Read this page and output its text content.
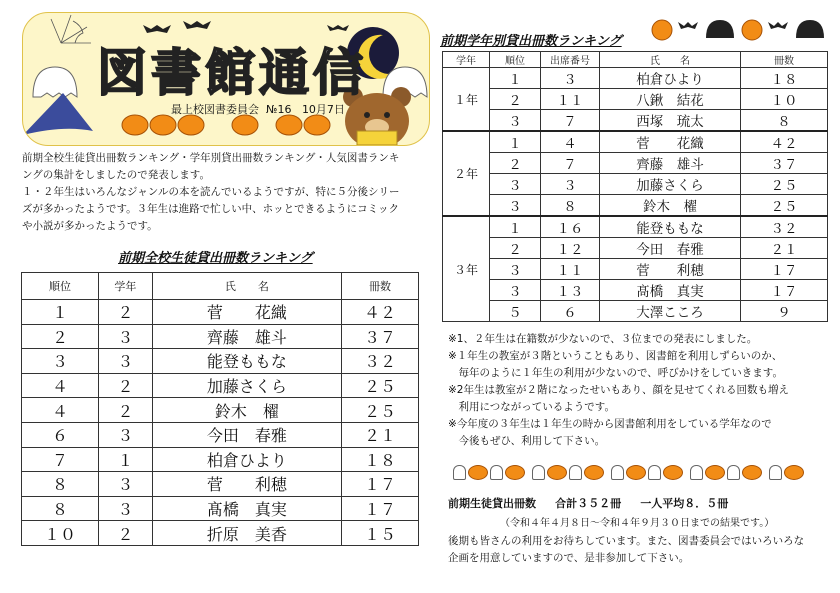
図書館通信
最上校図書委員会 №16 10月7日
前期全校生徒貸出冊数ランキング・学年別貸出冊数ランキング・人気図書ランキ
ングの集計をしましたので発表します。
１・２年生はいろんなジャンルの本を読んでいるようですが、特に５分後シリー
ズが多かったようです。３年生は進路で忙しい中、ホッとできるようにコミック
や小説が多かったようです。
前期全校生徒貸出冊数ランキング
順位	学年	氏　　名	冊数
１	２	菅　　花織	４２
２	３	齊藤　雄斗	３７
３	３	能登ももな	３２
４	２	加藤さくら	２５
４	２	鈴木　櫂	２５
６	３	今田　春雅	２１
７	１	柏倉ひより	１８
８	３	菅　　利穂	１７
８	３	髙橋　真実	１７
１０	２	折原　美香	１５
前期学年別貸出冊数ランキング
学年	順位	出席番号	氏　　名	冊数
１年	１	３	柏倉ひより	１８
	２	１１	八鍬　結花	１０
	３	７	西塚　琉太	８
２年	１	４	菅　　花織	４２
	２	７	齊藤　雄斗	３７
	３	３	加藤さくら	２５
	３	８	鈴木　櫂	２５
３年	１	１６	能登ももな	３２
	２	１２	今田　春雅	２１
	３	１１	菅　　利穂	１７
	３	１３	髙橋　真実	１７
	５	６	大澤こころ	９
※1、２年生は在籍数が少ないので、３位までの発表にしました。
※１年生の教室が３階ということもあり、図書館を利用しずらいのか、
　毎年のように１年生の利用が少ないので、呼びかけをしていきます。
※2年生は教室が２階になったせいもあり、顔を見せてくれる回数も増え
　利用につながっているようです。
※今年度の３年生は１年生の時から図書館利用をしている学年なので
　今後もぜひ、利用して下さい。

前期生徒貸出冊数 合計３５２冊 一人平均８．５冊
（令和４年４月８日～令和４年９月３０日までの結果です。）
後期も皆さんの利用をお待ちしています。また、図書委員会ではいろいろな
企画を用意していますので、是非参加して下さい。
